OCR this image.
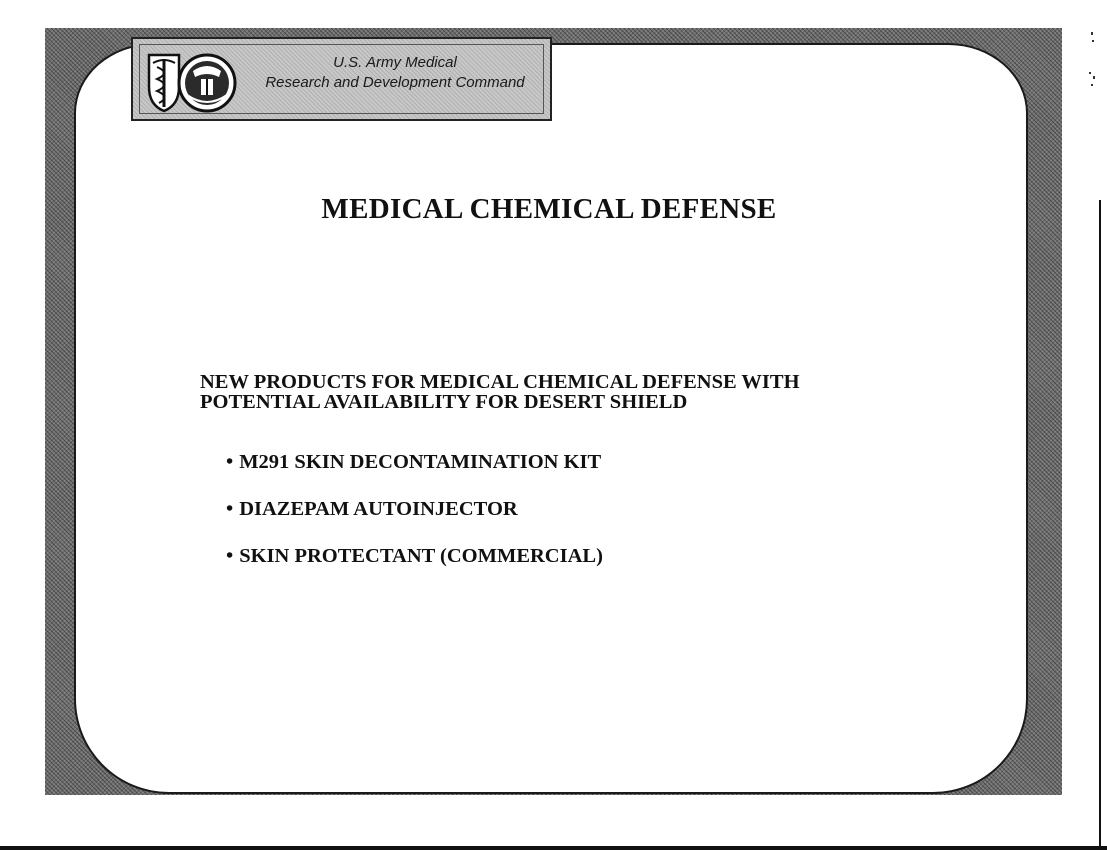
U.S. Army Medical
Research and Development Command
MEDICAL CHEMICAL DEFENSE
NEW PRODUCTS FOR MEDICAL CHEMICAL DEFENSE WITH
POTENTIAL AVAILABILITY FOR DESERT SHIELD
• M291 SKIN DECONTAMINATION KIT
• DIAZEPAM AUTOINJECTOR
• SKIN PROTECTANT (COMMERCIAL)
